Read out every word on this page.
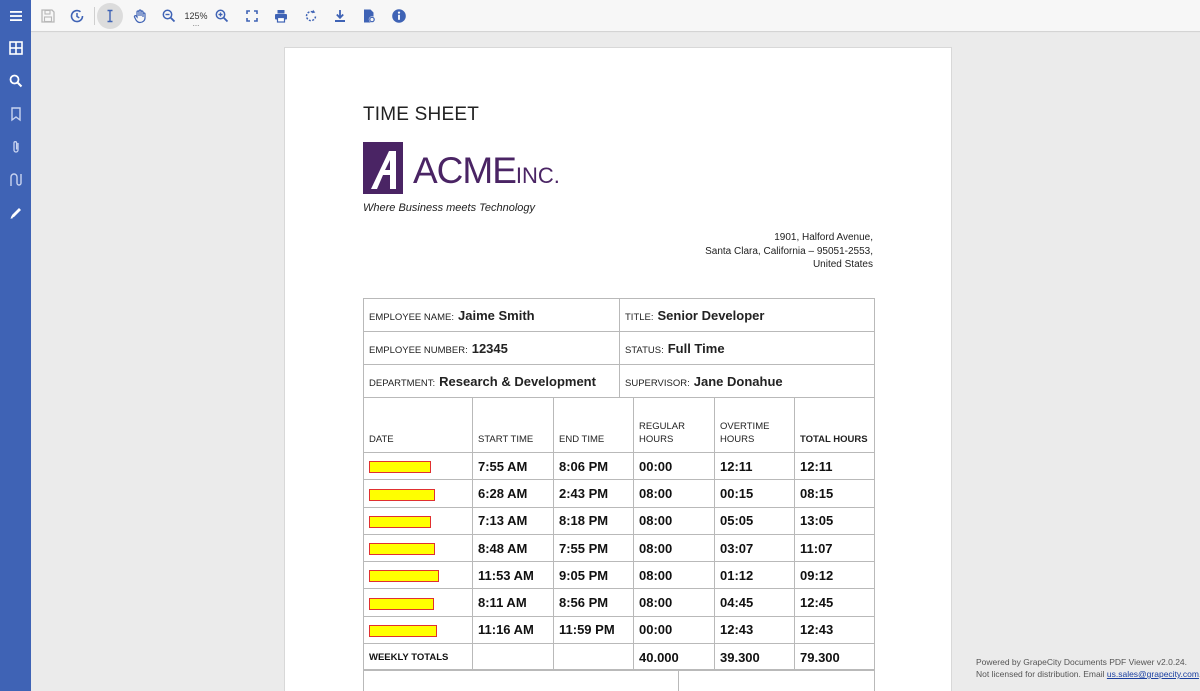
125%
...
TIME SHEET
ACMEINC.
Where Business meets Technology
1901, Halford Avenue,
Santa Clara, California – 95051-2553,
United States
EMPLOYEE NAME: Jaime Smith	TITLE: Senior Developer
EMPLOYEE NUMBER: 12345	STATUS: Full Time
DEPARTMENT: Research & Development	SUPERVISOR: Jane Donahue
DATE	START TIME	END TIME	REGULAR HOURS	OVERTIME HOURS	TOTAL HOURS
	7:55 AM	8:06 PM	00:00	12:11	12:11
	6:28 AM	2:43 PM	08:00	00:15	08:15
	7:13 AM	8:18 PM	08:00	05:05	13:05
	8:48 AM	7:55 PM	08:00	03:07	11:07
	11:53 AM	9:05 PM	08:00	01:12	09:12
	8:11 AM	8:56 PM	08:00	04:45	12:45
	11:16 AM	11:59 PM	00:00	12:43	12:43
WEEKLY TOTALS			40.000	39.300	79.300
		Powered by GrapeCity Documents PDF Viewer v2.0.24.
Not licensed for distribution. Email us.sales@grapecity.com
